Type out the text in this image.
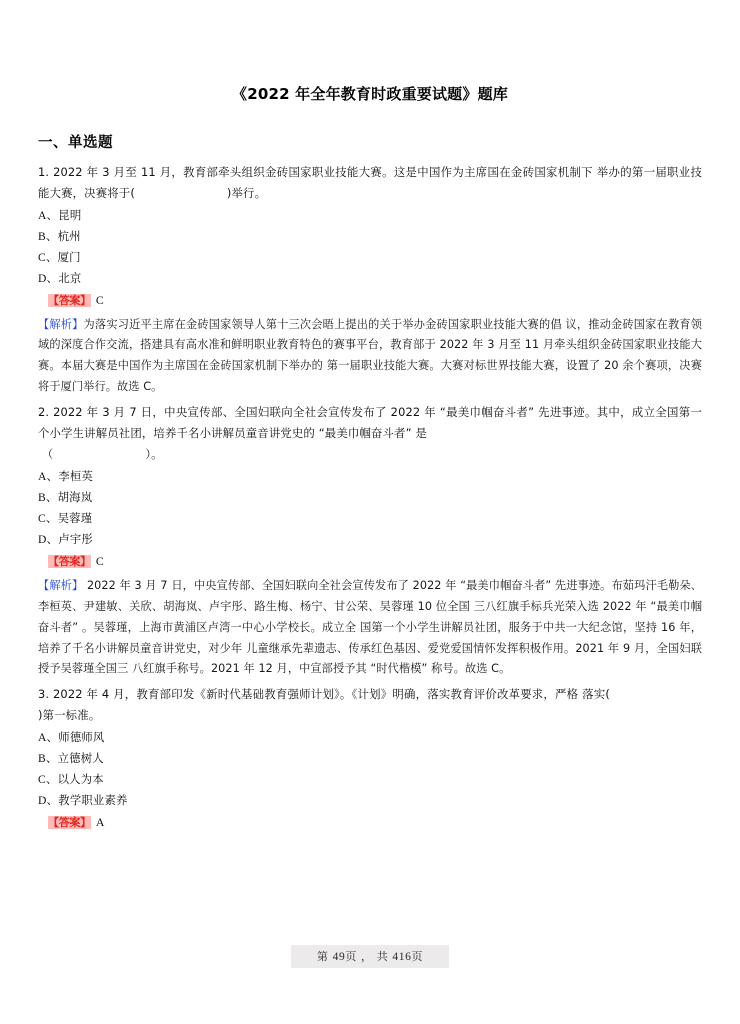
《2022 年全年教育时政重要试题》题库
一、单选题

1. 2022 年 3 月至 11 月，教育部牵头组织金砖国家职业技能大赛。这是中国作为主席国在金砖国家机制下 举办的第一届职业技能大赛，决赛将于(	)举行。

A、昆明
B、杭州
C、厦门
D、北京
【答案】 C

【解析】为落实习近平主席在金砖国家领导人第十三次会晤上提出的关于举办金砖国家职业技能大赛的倡 议，推动金砖国家在教育领域的深度合作交流，搭建具有高水准和鲜明职业教育特色的赛事平台，教育部于 2022 年 3 月至 11 月牵头组织金砖国家职业技能大赛。本届大赛是中国作为主席国在金砖国家机制下举办的 第一届职业技能大赛。大赛对标世界技能大赛，设置了 20 余个赛项，决赛将于厦门举行。故选 C。

2. 2022 年 3 月 7 日，中央宣传部、全国妇联向全社会宣传发布了 2022 年 “最美巾帼奋斗者” 先进事迹。其中，成立全国第一个小学生讲解员社团，培养千名小讲解员童音讲党史的 “最美巾帼奋斗者” 是

（	）。

A、李桓英
B、胡海岚
C、吴蓉瑾
D、卢宇彤
【答案】 C

【解析】 2022 年 3 月 7 日，中央宣传部、全国妇联向全社会宣传发布了 2022 年 “最美巾帼奋斗者” 先进事迹。布茹玛汗毛勒朵、李桓英、尹建敏、关欣、胡海岚、卢宇彤、路生梅、杨宁、甘公荣、吴蓉瑾 10 位全国 三八红旗手标兵光荣入选 2022 年 “最美巾帼奋斗者” 。吴蓉瑾，上海市黄浦区卢湾一中心小学校长。成立全 国第一个小学生讲解员社团，服务于中共一大纪念馆，坚持 16 年，培养了千名小讲解员童音讲党史，对少年 儿童继承先辈遗志、传承红色基因、爱党爱国情怀发挥积极作用。2021 年 9 月，全国妇联授予吴蓉瑾全国三 八红旗手称号。2021 年 12 月，中宣部授予其 “时代楷模” 称号。故选 C。

3. 2022 年 4 月，教育部印发《新时代基础教育强师计划》。《计划》明确，落实教育评价改革要求，严格 落实()第一标准。

A、师德师风
B、立德树人
C、以人为本
D、教学职业素养
【答案】 A
第 49页 ， 共 416页
